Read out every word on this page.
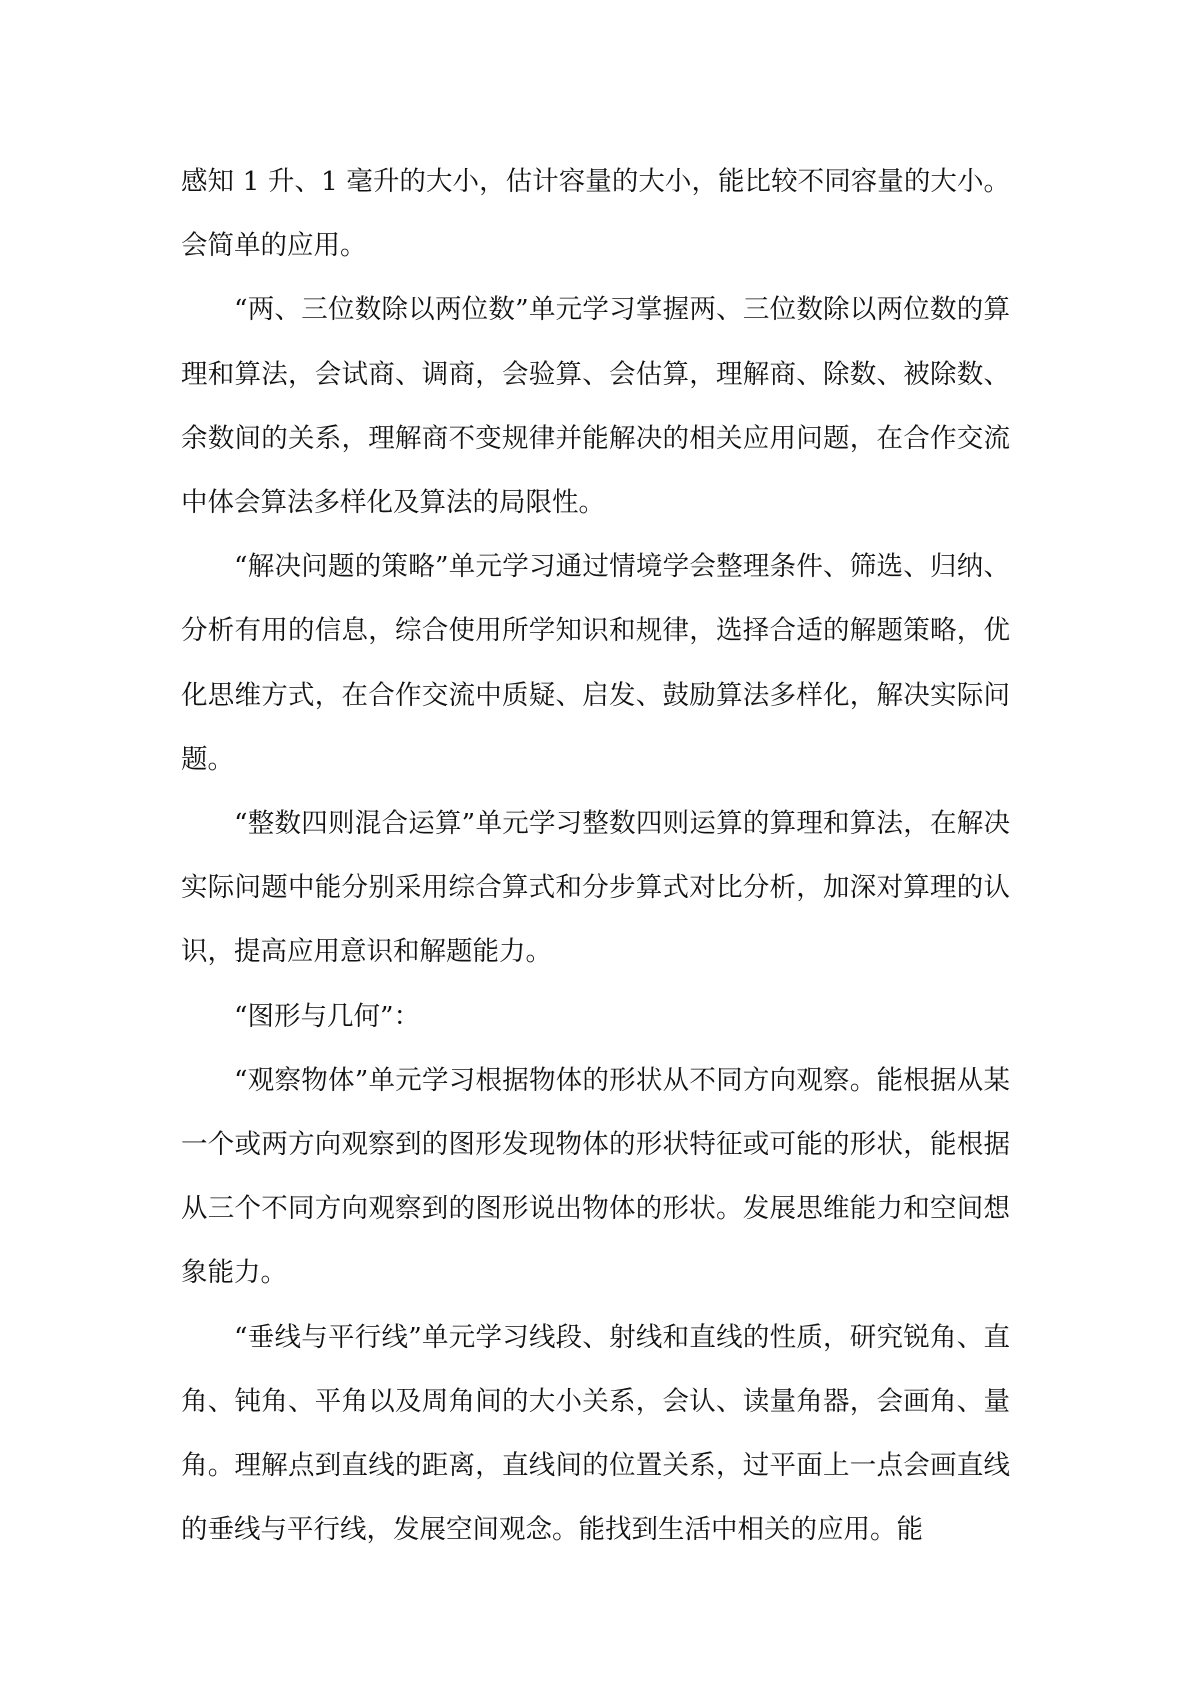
感知 1 升、1 毫升的大小，估计容量的大小，能比较不同容量的大小。会简单的应用。

“两、三位数除以两位数”单元学习掌握两、三位数除以两位数的算理和算法，会试商、调商，会验算、会估算，理解商、除数、被除数、余数间的关系，理解商不变规律并能解决的相关应用问题，在合作交流中体会算法多样化及算法的局限性。

“解决问题的策略”单元学习通过情境学会整理条件、筛选、归纳、分析有用的信息，综合使用所学知识和规律，选择合适的解题策略，优化思维方式，在合作交流中质疑、启发、鼓励算法多样化，解决实际问题。

“整数四则混合运算”单元学习整数四则运算的算理和算法，在解决实际问题中能分别采用综合算式和分步算式对比分析，加深对算理的认识，提高应用意识和解题能力。

“图形与几何”：

“观察物体”单元学习根据物体的形状从不同方向观察。能根据从某一个或两方向观察到的图形发现物体的形状特征或可能的形状，能根据从三个不同方向观察到的图形说出物体的形状。发展思维能力和空间想象能力。

“垂线与平行线”单元学习线段、射线和直线的性质，研究锐角、直角、钝角、平角以及周角间的大小关系，会认、读量角器，会画角、量角。理解点到直线的距离，直线间的位置关系，过平面上一点会画直线的垂线与平行线，发展空间观念。能找到生活中相关的应用。能
